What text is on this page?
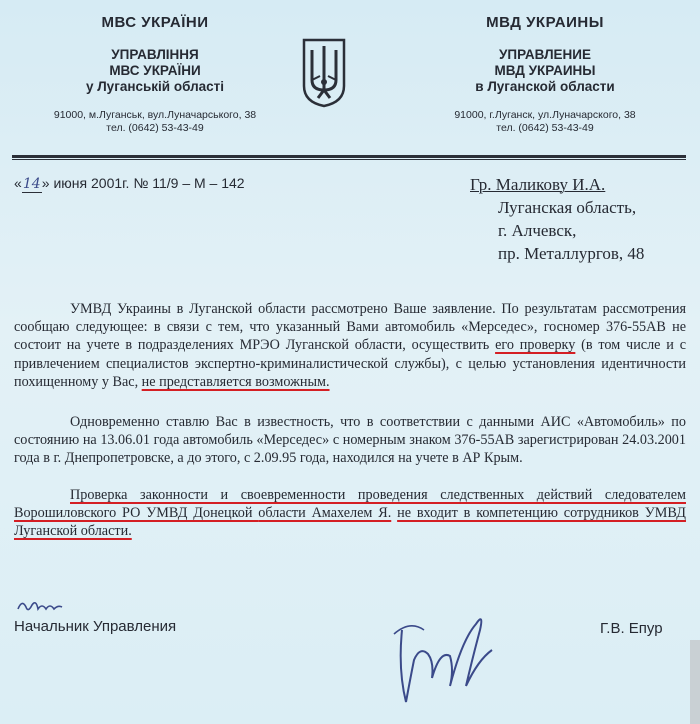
МВС УКРАЇНИ
УПРАВЛІННЯ
МВС УКРАЇНИ
у Луганській області
91000, м.Луганськ, вул.Луначарського, 38
тел. (0642) 53-43-49
МВД УКРАИНЫ
УПРАВЛЕНИЕ
МВД УКРАИНЫ
в Луганской области
91000, г.Луганск, ул.Луначарского, 38
тел. (0642) 53-43-49
«14» июня 2001г. № 11/9 – М – 142	Гр. Маликову И.А.
Луганская область,
г. Алчевск,
пр. Металлургов, 48
УМВД Украины в Луганской области рассмотрено Ваше заявление. По результатам рассмотрения сообщаю следующее: в связи с тем, что указанный Вами автомобиль «Мерседес», госномер 376-55АВ не состоит на учете в подразделениях МРЭО Луганской области, осуществить его проверку (в том числе и с привлечением специалистов экспертно-криминалистической службы), с целью установления идентичности похищенному у Вас, не представляется возможным.
Одновременно ставлю Вас в известность, что в соответствии с данными АИС «Автомобиль» по состоянию на 13.06.01 года автомобиль «Мерседес» с номерным знаком 376-55АВ зарегистрирован 24.03.2001 года в г. Днепропетровске, а до этого, с 2.09.95 года, находился на учете в АР Крым.
Проверка законности и своевременности проведения следственных действий следователем Ворошиловского РО УМВД Донецкой области Амахелем Я. не входит в компетенцию сотрудников УМВД Луганской области.
Начальник Управления	Г.В. Епур
